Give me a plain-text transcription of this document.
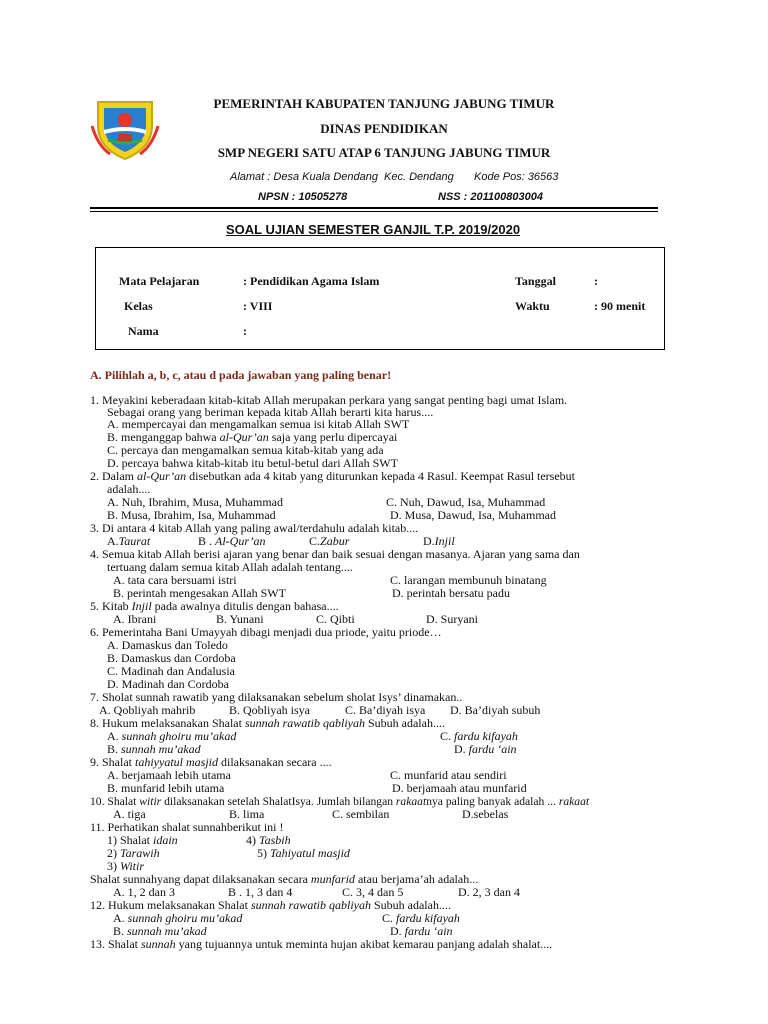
PEMERINTAH KABUPATEN TANJUNG JABUNG TIMUR
DINAS PENDIDIKAN
SMP NEGERI SATU ATAP 6 TANJUNG JABUNG TIMUR
Alamat : Desa Kuala Dendang Kec. Dendang Kode Pos: 36563
NPSN : 10505278	NSS : 201100803004
SOAL UJIAN SEMESTER GANJIL T.P. 2019/2020
Mata Pelajaran	: Pendidikan Agama Islam	Tanggal	:
Kelas	: VIII	Waktu	: 90 menit
Nama	:
A. Pilihlah a, b, c, atau d pada jawaban yang paling benar!
1. Meyakini keberadaan kitab-kitab Allah merupakan perkara yang sangat penting bagi umat Islam.
Sebagai orang yang beriman kepada kitab Allah berarti kita harus....
A. mempercayai dan mengamalkan semua isi kitab Allah SWT
B. menganggap bahwa al-Qur’an saja yang perlu dipercayai
C. percaya dan mengamalkan semua kitab-kitab yang ada
D. percaya bahwa kitab-kitab itu betul-betul dari Allah SWT
2. Dalam al-Qur’an disebutkan ada 4 kitab yang diturunkan kepada 4 Rasul. Keempat Rasul tersebut
adalah....
A. Nuh, Ibrahim, Musa, Muhammad	C. Nuh, Dawud, Isa, Muhammad
B. Musa, Ibrahim, Isa, Muhammad	D. Musa, Dawud, Isa, Muhammad
3. Di antara 4 kitab Allah yang paling awal/terdahulu adalah kitab....
A.Taurat	B . Al-Qur’an	C.Zabur	D.Injil
4. Semua kitab Allah berisi ajaran yang benar dan baik sesuai dengan masanya. Ajaran yang sama dan
tertuang dalam semua kitab Allah adalah tentang....
A. tata cara bersuami istri	C. larangan membunuh binatang
B. perintah mengesakan Allah SWT	D. perintah bersatu padu
5. Kitab Injil pada awalnya ditulis dengan bahasa....
A. Ibrani	B. Yunani	C. Qibti	D. Suryani
6. Pemerintaha Bani Umayyah dibagi menjadi dua priode, yaitu priode…
A. Damaskus dan Toledo
B. Damaskus dan Cordoba
C. Madinah dan Andalusia
D. Madinah dan Cordoba
7. Sholat sunnah rawatib yang dilaksanakan sebelum sholat Isys’ dinamakan..
A. Qobliyah mahrib	B. Qobliyah isya	C. Ba’diyah isya D. Ba’diyah subuh
8. Hukum melaksanakan Shalat sunnah rawatib qabliyah Subuh adalah....
A. sunnah ghoiru mu’akad	C. fardu kifayah
B. sunnah mu’akad	D. fardu ‘ain
9. Shalat tahiyyatul masjid dilaksanakan secara ....
A. berjamaah lebih utama	C. munfarid atau sendiri
B. munfarid lebih utama	D. berjamaah atau munfarid
10. Shalat witir dilaksanakan setelah ShalatIsya. Jumlah bilangan rakaatnya paling banyak adalah ... rakaat
A. tiga	B. lima	C. sembilan	D.sebelas
11. Perhatikan shalat sunnahberikut ini !
1) Shalat idain	4) Tasbih
2) Tarawih	5) Tahiyatul masjid
3) Witir
Shalat sunnahyang dapat dilaksanakan secara munfarid atau berjama’ah adalah...
A. 1, 2 dan 3	B . 1, 3 dan 4	C. 3, 4 dan 5	D. 2, 3 dan 4
12. Hukum melaksanakan Shalat sunnah rawatib qabliyah Subuh adalah....
A. sunnah ghoiru mu’akad	C. fardu kifayah
B. sunnah mu’akad	D. fardu ‘ain
13. Shalat sunnah yang tujuannya untuk meminta hujan akibat kemarau panjang adalah shalat....
